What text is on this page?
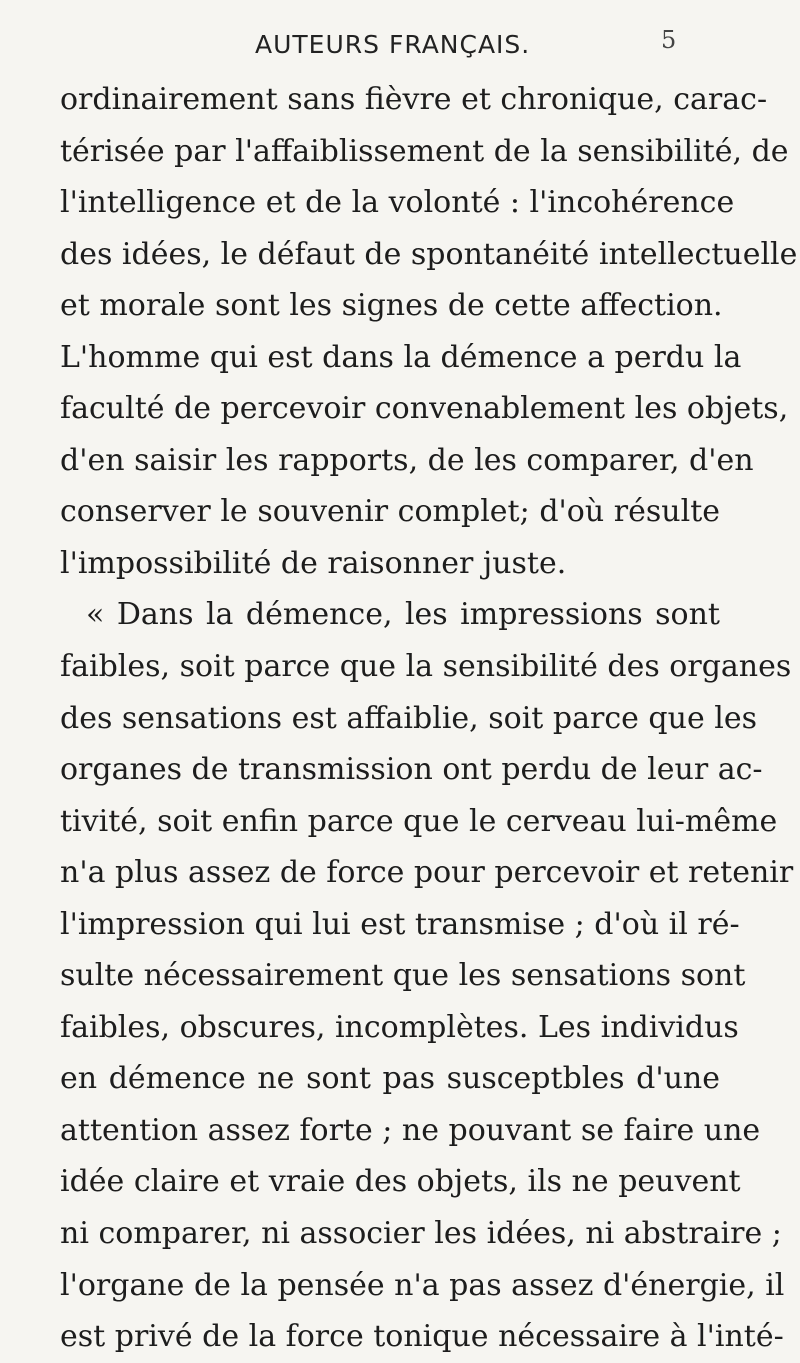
AUTEURS FRANÇAIS.	5
ordinairement sans fièvre et chronique, carac-
térisée par l'affaiblissement de la sensibilité, de
l'intelligence et de la volonté : l'incohérence
des idées, le défaut de spontanéité intellectuelle
et morale sont les signes de cette affection.
L'homme qui est dans la démence a perdu la
faculté de percevoir convenablement les objets,
d'en saisir les rapports, de les comparer, d'en
conserver le souvenir complet; d'où résulte
l'impossibilité de raisonner juste.
« Dans la démence, les impressions sont
faibles, soit parce que la sensibilité des organes
des sensations est affaiblie, soit parce que les
organes de transmission ont perdu de leur ac-
tivité, soit enfin parce que le cerveau lui-même
n'a plus assez de force pour percevoir et retenir
l'impression qui lui est transmise ; d'où il ré-
sulte nécessairement que les sensations sont
faibles, obscures, incomplètes. Les individus
en démence ne sont pas susceptbles d'une
attention assez forte ; ne pouvant se faire une
idée claire et vraie des objets, ils ne peuvent
ni comparer, ni associer les idées, ni abstraire ;
l'organe de la pensée n'a pas assez d'énergie, il
est privé de la force tonique nécessaire à l'inté-
